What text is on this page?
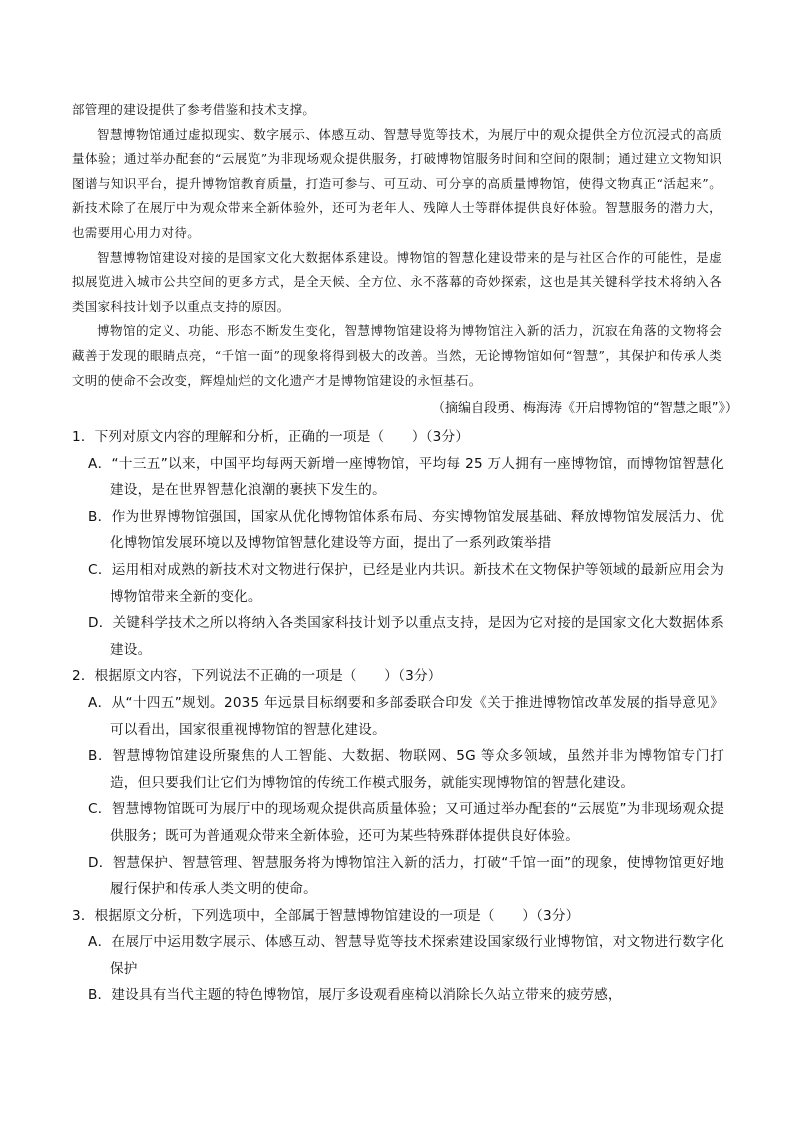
部管理的建设提供了参考借鉴和技术支撑。

智慧博物馆通过虚拟现实、数字展示、体感互动、智慧导览等技术，为展厅中的观众提供全方位沉浸式的高质量体验；通过举办配套的“云展览”为非现场观众提供服务，打破博物馆服务时间和空间的限制；通过建立文物知识图谱与知识平台，提升博物馆教育质量，打造可参与、可互动、可分享的高质量博物馆，使得文物真正“活起来”。新技术除了在展厅中为观众带来全新体验外，还可为老年人、残障人士等群体提供良好体验。智慧服务的潜力大，也需要用心用力对待。

智慧博物馆建设对接的是国家文化大数据体系建设。博物馆的智慧化建设带来的是与社区合作的可能性，是虚拟展览进入城市公共空间的更多方式，是全天候、全方位、永不落幕的奇妙探索，这也是其关键科学技术将纳入各类国家科技计划予以重点支持的原因。

博物馆的定义、功能、形态不断发生变化，智慧博物馆建设将为博物馆注入新的活力，沉寂在角落的文物将会藏善于发现的眼睛点亮，“千馆一面”的现象将得到极大的改善。当然，无论博物馆如何“智慧”，其保护和传承人类文明的使命不会改变，辉煌灿烂的文化遗产才是博物馆建设的永恒基石。

（摘编自段勇、梅海涛《开启博物馆的“智慧之眼”》）

1．下列对原文内容的理解和分析，正确的一项是（　　）（3分）

A．“十三五”以来，中国平均每两天新增一座博物馆，平均每 25 万人拥有一座博物馆，而博物馆智慧化建设，是在世界智慧化浪潮的裹挟下发生的。

B．作为世界博物馆强国，国家从优化博物馆体系布局、夯实博物馆发展基础、释放博物馆发展活力、优化博物馆发展环境以及博物馆智慧化建设等方面，提出了一系列政策举措

C．运用相对成熟的新技术对文物进行保护，已经是业内共识。新技术在文物保护等领域的最新应用会为博物馆带来全新的变化。

D．关键科学技术之所以将纳入各类国家科技计划予以重点支持，是因为它对接的是国家文化大数据体系建设。

2．根据原文内容，下列说法不正确的一项是（　　）（3分）

A．从“十四五”规划。2035 年远景目标纲要和多部委联合印发《关于推进博物馆改革发展的指导意见》可以看出，国家很重视博物馆的智慧化建设。

B．智慧博物馆建设所聚焦的人工智能、大数据、物联网、5G 等众多领域，虽然并非为博物馆专门打造，但只要我们让它们为博物馆的传统工作模式服务，就能实现博物馆的智慧化建设。

C．智慧博物馆既可为展厅中的现场观众提供高质量体验；又可通过举办配套的“云展览”为非现场观众提供服务；既可为普通观众带来全新体验，还可为某些特殊群体提供良好体验。

D．智慧保护、智慧管理、智慧服务将为博物馆注入新的活力，打破“千馆一面”的现象，使博物馆更好地履行保护和传承人类文明的使命。

3．根据原文分析，下列选项中，全部属于智慧博物馆建设的一项是（　　）（3分）

A．在展厅中运用数字展示、体感互动、智慧导览等技术探索建设国家级行业博物馆，对文物进行数字化保护

B．建设具有当代主题的特色博物馆，展厅多设观看座椅以消除长久站立带来的疲劳感，
